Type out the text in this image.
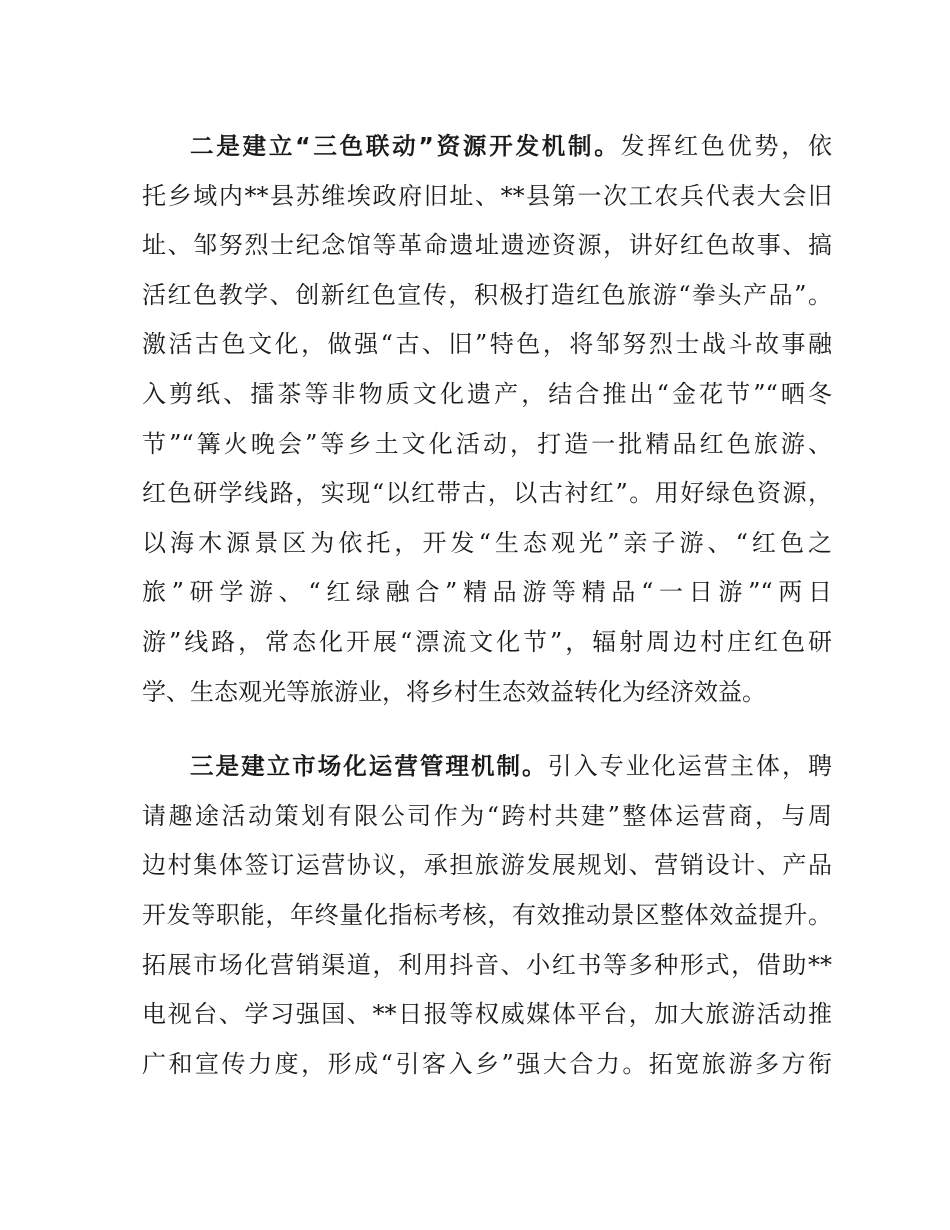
二是建立“三色联动”资源开发机制。发挥红色优势，依
托乡域内**县苏维埃政府旧址、**县第一次工农兵代表大会旧
址、邹努烈士纪念馆等革命遗址遗迹资源，讲好红色故事、搞
活红色教学、创新红色宣传，积极打造红色旅游“拳头产品”。
激活古色文化，做强“古、旧”特色，将邹努烈士战斗故事融
入剪纸、擂茶等非物质文化遗产，结合推出“金花节”“晒冬
节”“篝火晚会”等乡土文化活动，打造一批精品红色旅游、
红色研学线路，实现“以红带古，以古衬红”。用好绿色资源，
以海木源景区为依托，开发“生态观光”亲子游、“红色之
旅”研学游、“红绿融合”精品游等精品“一日游”“两日
游”线路，常态化开展“漂流文化节”，辐射周边村庄红色研
学、生态观光等旅游业，将乡村生态效益转化为经济效益。
三是建立市场化运营管理机制。引入专业化运营主体，聘
请趣途活动策划有限公司作为“跨村共建”整体运营商，与周
边村集体签订运营协议，承担旅游发展规划、营销设计、产品
开发等职能，年终量化指标考核，有效推动景区整体效益提升。
拓展市场化营销渠道，利用抖音、小红书等多种形式，借助**
电视台、学习强国、**日报等权威媒体平台，加大旅游活动推
广和宣传力度，形成“引客入乡”强大合力。拓宽旅游多方衔
